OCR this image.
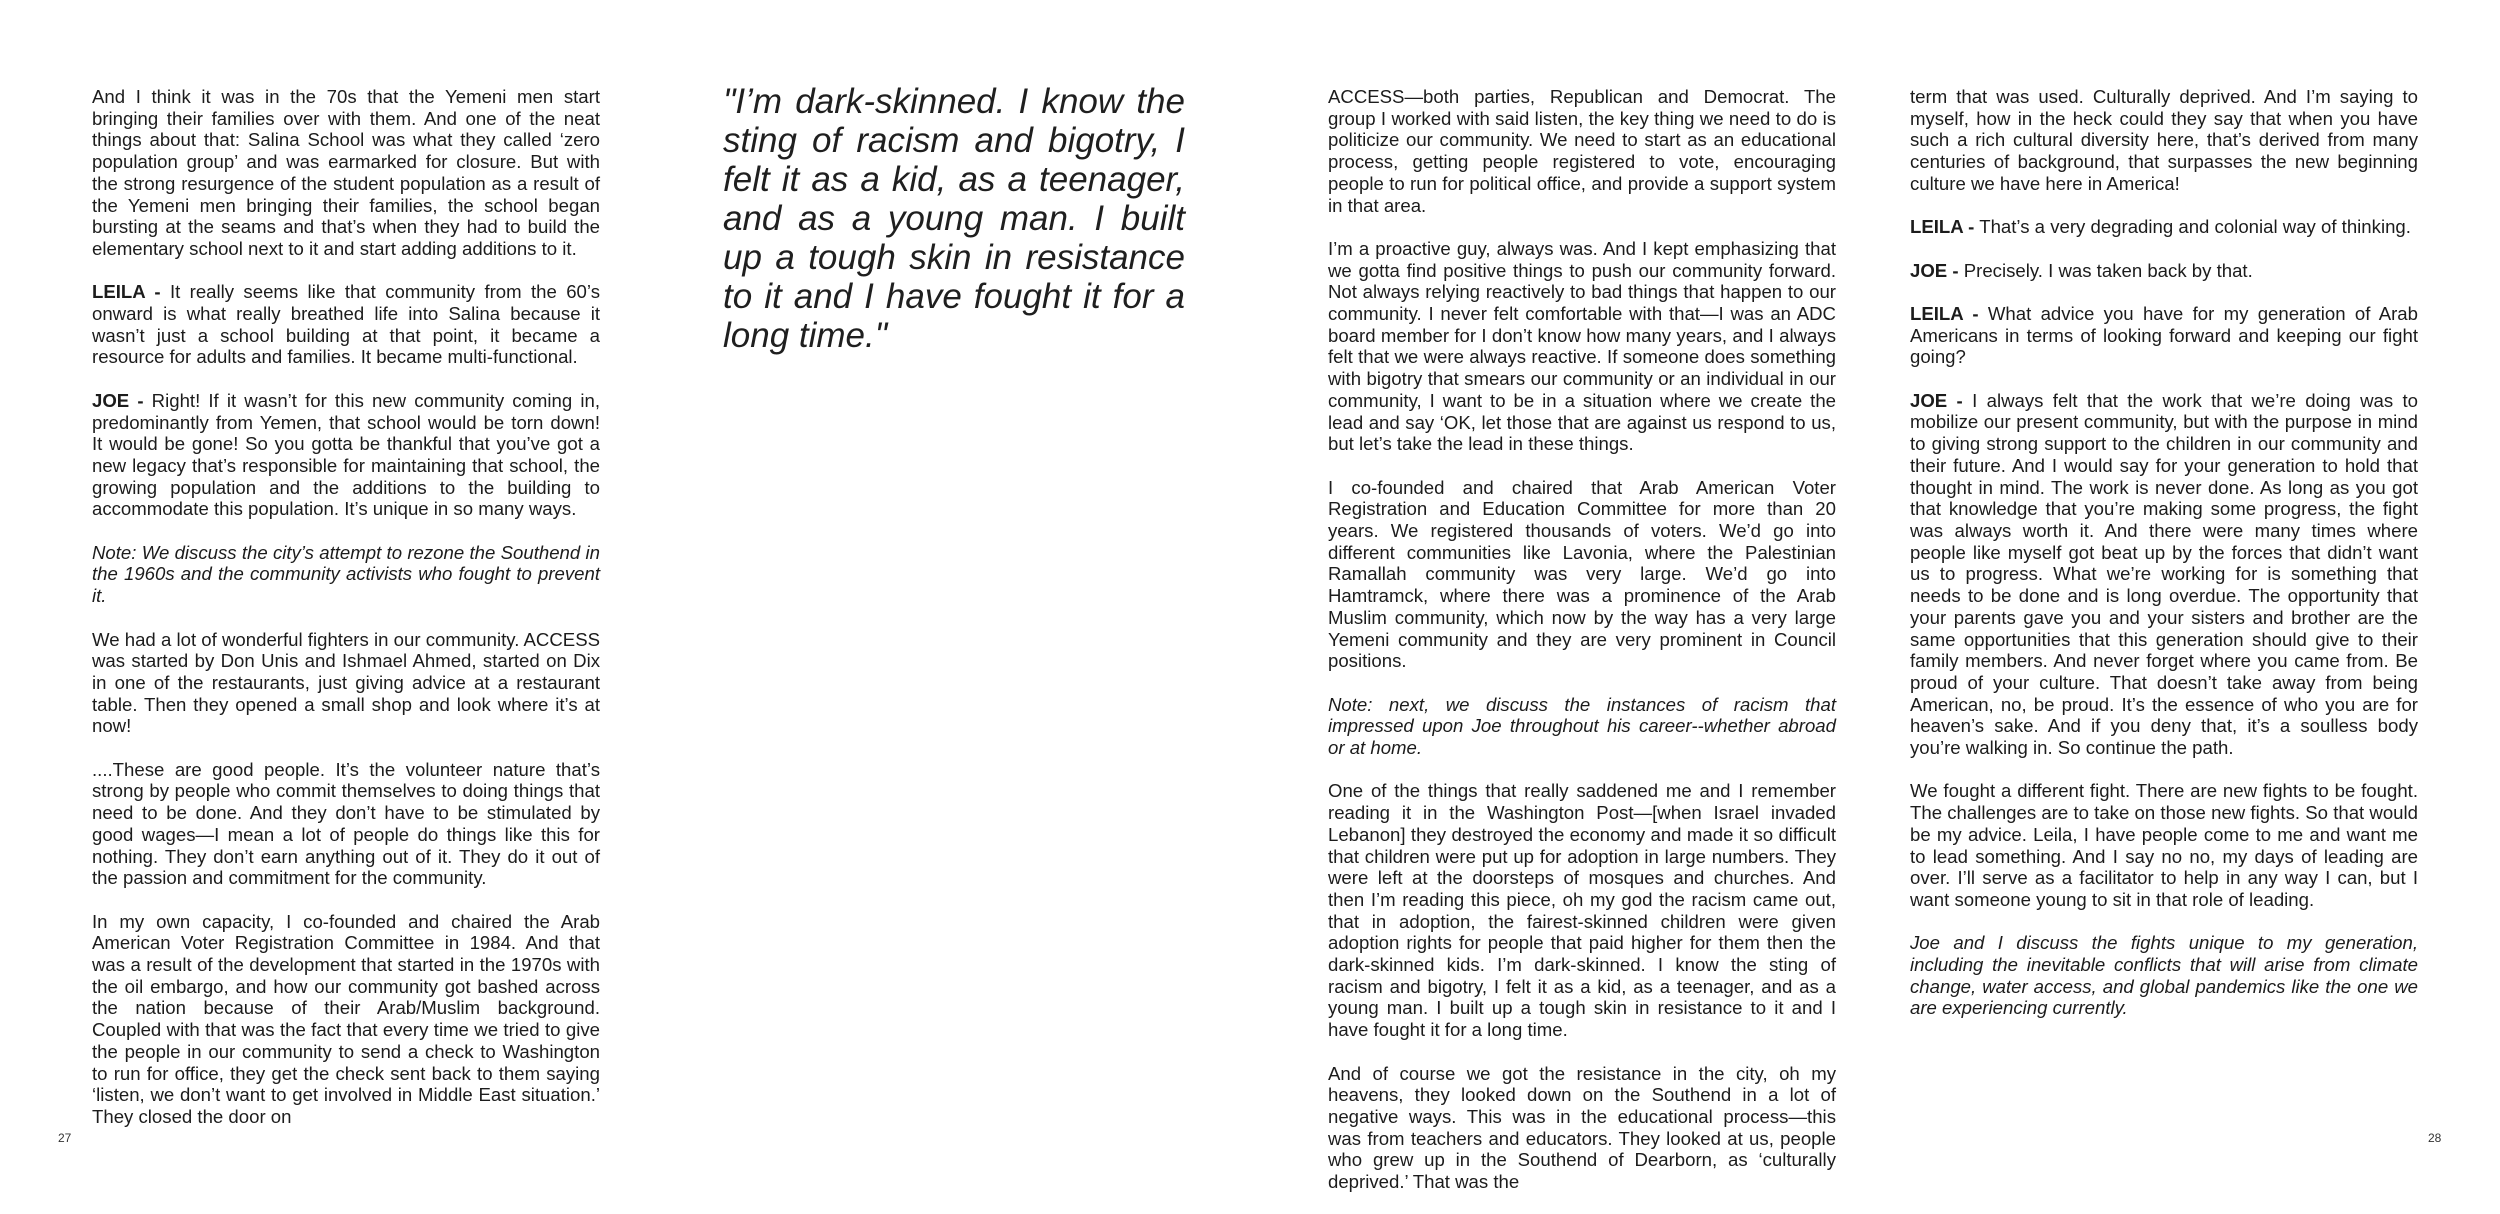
And I think it was in the 70s that the Yemeni men start bringing their families over with them. And one of the neat things about that: Salina School was what they called ‘zero population group’ and was earmarked for closure. But with the strong resurgence of the student population as a result of the Yemeni men bringing their families, the school began bursting at the seams and that’s when they had to build the elementary school next to it and start adding additions to it.

LEILA - It really seems like that community from the 60’s onward is what really breathed life into Salina because it wasn’t just a school building at that point, it became a resource for adults and families. It became multi-functional.

JOE - Right! If it wasn’t for this new community coming in, predominantly from Yemen, that school would be torn down! It would be gone! So you gotta be thankful that you’ve got a new legacy that’s responsible for maintaining that school, the growing population and the additions to the building to accommodate this population. It’s unique in so many ways.

Note: We discuss the city’s attempt to rezone the Southend in the 1960s and the community activists who fought to prevent it.

We had a lot of wonderful fighters in our community. ACCESS was started by Don Unis and Ishmael Ahmed, started on Dix in one of the restaurants, just giving advice at a restaurant table. Then they opened a small shop and look where it’s at now!

....These are good people. It’s the volunteer nature that’s strong by people who commit themselves to doing things that need to be done. And they don’t have to be stimulated by good wages—I mean a lot of people do things like this for nothing. They don’t earn anything out of it. They do it out of the passion and commitment for the community.

In my own capacity, I co-founded and chaired the Arab American Voter Registration Committee in 1984. And that was a result of the development that started in the 1970s with the oil embargo, and how our community got bashed across the nation because of their Arab/Muslim background. Coupled with that was the fact that every time we tried to give the people in our community to send a check to Washington to run for office, they get the check sent back to them saying ‘listen, we don’t want to get involved in Middle East situation.’ They closed the door on

"I’m dark-skinned. I know the sting of racism and bigotry, I felt it as a kid, as a teenager, and as a young man. I built up a tough skin in resistance to it and I have fought it for a long time."

ACCESS—both parties, Republican and Democrat. The group I worked with said listen, the key thing we need to do is politicize our community. We need to start as an educational process, getting people registered to vote, encouraging people to run for political office, and provide a support system in that area.

I’m a proactive guy, always was. And I kept emphasizing that we gotta find positive things to push our community forward. Not always relying reactively to bad things that happen to our community. I never felt comfortable with that—I was an ADC board member for I don’t know how many years, and I always felt that we were always reactive. If someone does something with bigotry that smears our community or an individual in our community, I want to be in a situation where we create the lead and say ‘OK, let those that are against us respond to us, but let’s take the lead in these things.

I co-founded and chaired that Arab American Voter Registration and Education Committee for more than 20 years. We registered thousands of voters. We’d go into different communities like Lavonia, where the Palestinian Ramallah community was very large. We’d go into Hamtramck, where there was a prominence of the Arab Muslim community, which now by the way has a very large Yemeni community and they are very prominent in Council positions.

Note: next, we discuss the instances of racism that impressed upon Joe throughout his career--whether abroad or at home.

One of the things that really saddened me and I remember reading it in the Washington Post—[when Israel invaded Lebanon] they destroyed the economy and made it so difficult that children were put up for adoption in large numbers. They were left at the doorsteps of mosques and churches. And then I’m reading this piece, oh my god the racism came out, that in adoption, the fairest-skinned children were given adoption rights for people that paid higher for them then the dark-skinned kids. I’m dark-skinned. I know the sting of racism and bigotry, I felt it as a kid, as a teenager, and as a young man. I built up a tough skin in resistance to it and I have fought it for a long time.

And of course we got the resistance in the city, oh my heavens, they looked down on the Southend in a lot of negative ways. This was in the educational process—this was from teachers and educators. They looked at us, people who grew up in the Southend of Dearborn, as ‘culturally deprived.’ That was the

term that was used. Culturally deprived. And I’m saying to myself, how in the heck could they say that when you have such a rich cultural diversity here, that’s derived from many centuries of background, that surpasses the new beginning culture we have here in America!

LEILA - That’s a very degrading and colonial way of thinking.

JOE - Precisely. I was taken back by that.

LEILA - What advice you have for my generation of Arab Americans in terms of looking forward and keeping our fight going?

JOE - I always felt that the work that we’re doing was to mobilize our present community, but with the purpose in mind to giving strong support to the children in our community and their future. And I would say for your generation to hold that thought in mind. The work is never done. As long as you got that knowledge that you’re making some progress, the fight was always worth it. And there were many times where people like myself got beat up by the forces that didn’t want us to progress. What we’re working for is something that needs to be done and is long overdue. The opportunity that your parents gave you and your sisters and brother are the same opportunities that this generation should give to their family members. And never forget where you came from. Be proud of your culture. That doesn’t take away from being American, no, be proud. It’s the essence of who you are for heaven’s sake. And if you deny that, it’s a soulless body you’re walking in. So continue the path.

We fought a different fight. There are new fights to be fought. The challenges are to take on those new fights. So that would be my advice. Leila, I have people come to me and want me to lead something. And I say no no, my days of leading are over. I’ll serve as a facilitator to help in any way I can, but I want someone young to sit in that role of leading.

Joe and I discuss the fights unique to my generation, including the inevitable conflicts that will arise from climate change, water access, and global pandemics like the one we are experiencing currently.

27	28
